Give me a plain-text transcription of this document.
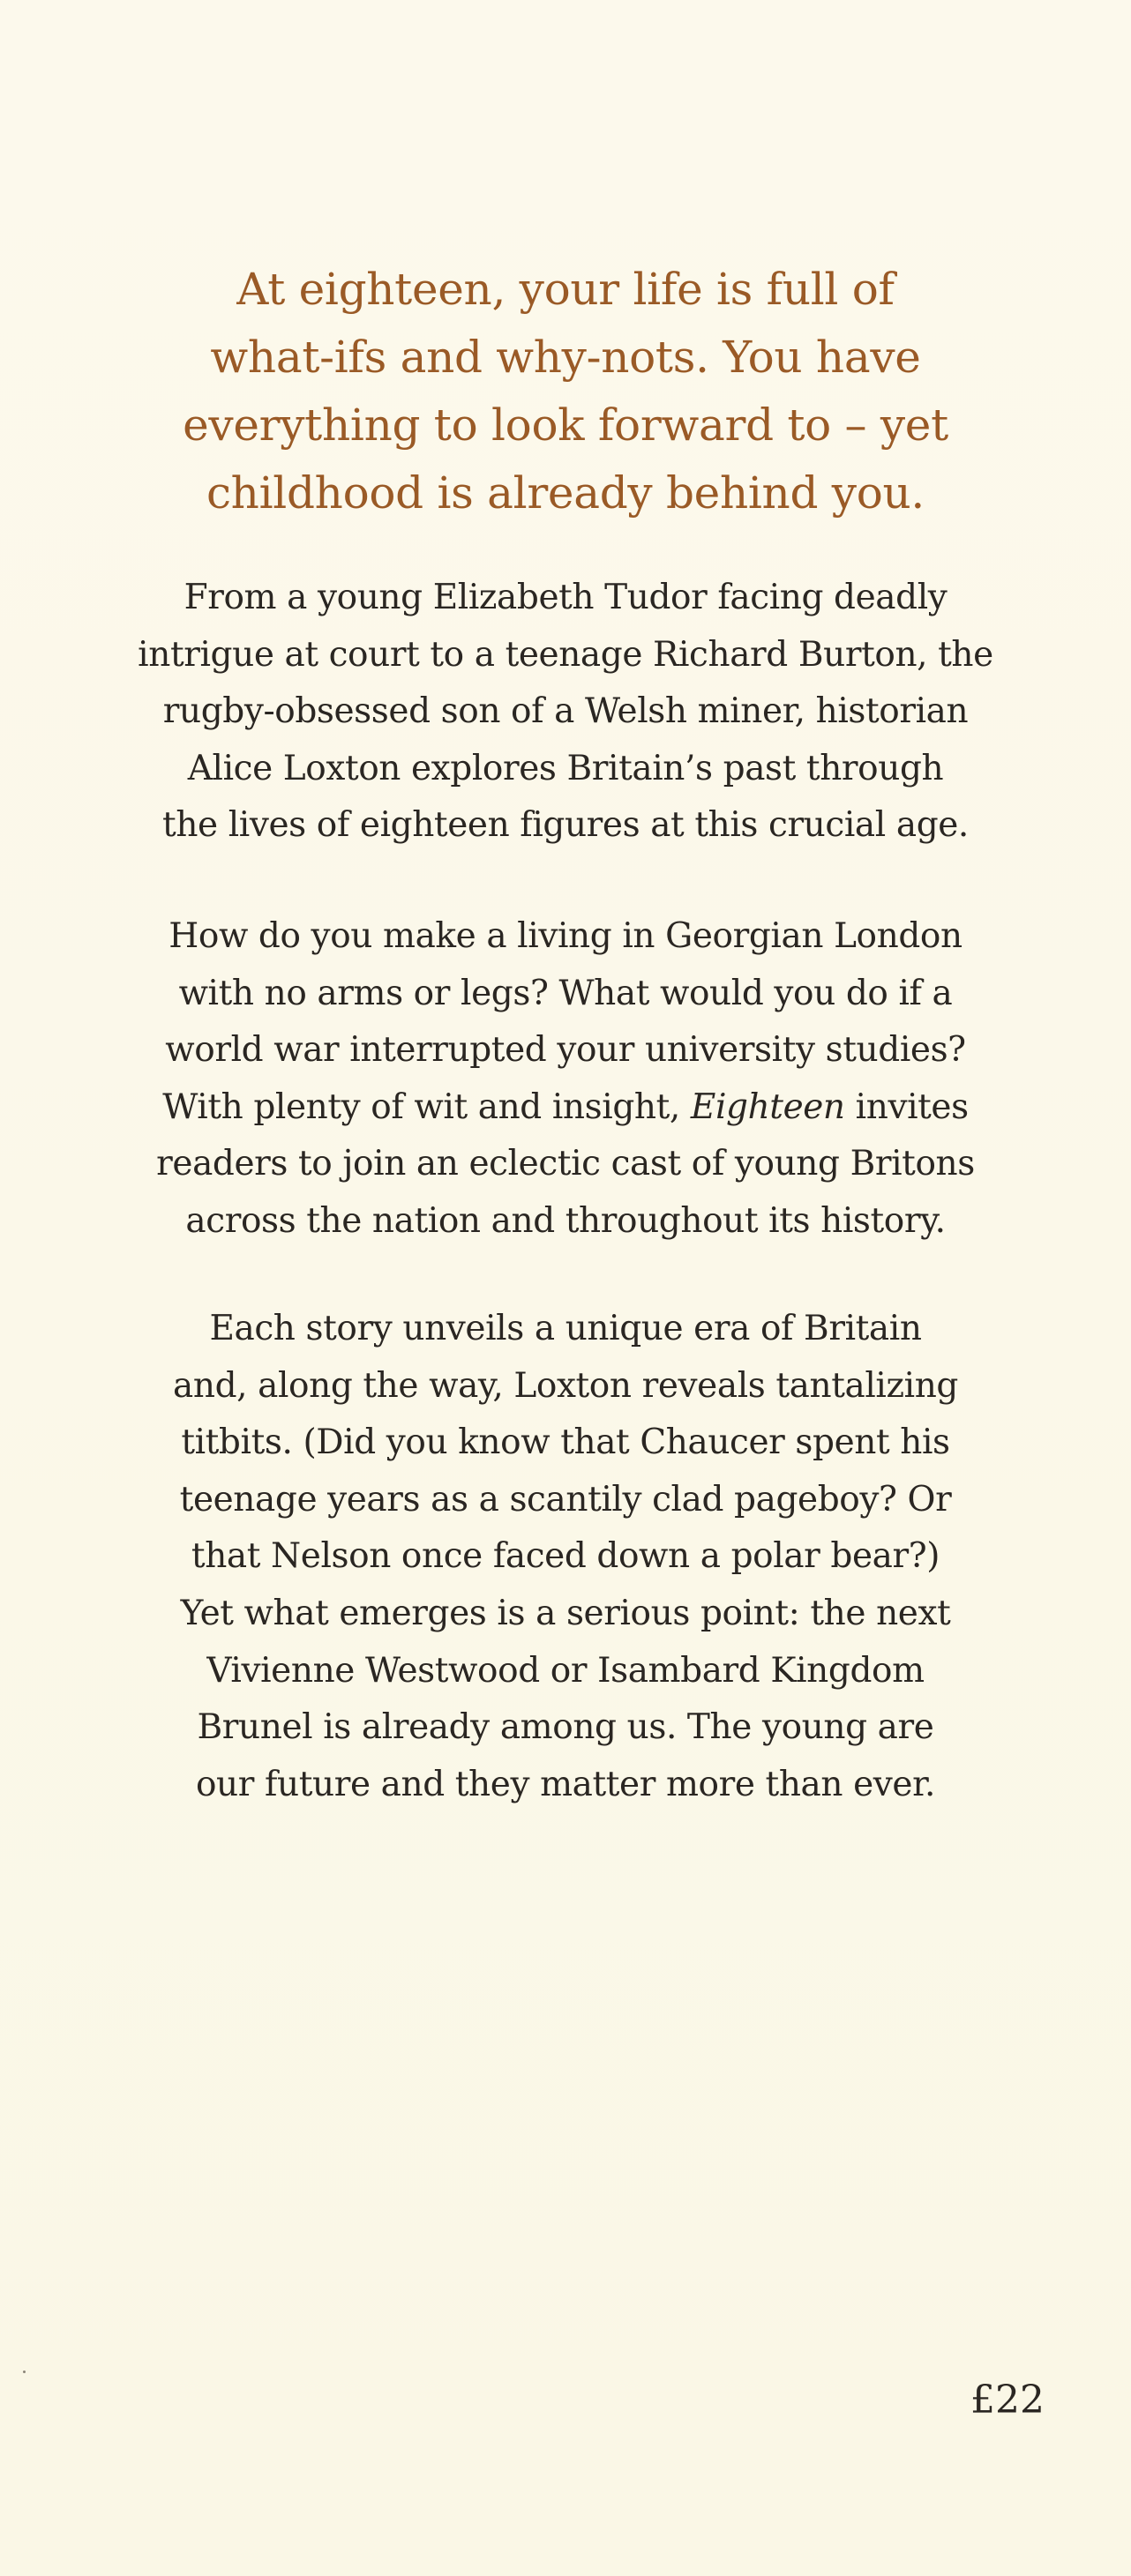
At eighteen, your life is full of
what-ifs and why-nots. You have
everything to look forward to – yet
childhood is already behind you.

From a young Elizabeth Tudor facing deadly
intrigue at court to a teenage Richard Burton, the
rugby-obsessed son of a Welsh miner, historian
Alice Loxton explores Britain’s past through
the lives of eighteen figures at this crucial age.

How do you make a living in Georgian London
with no arms or legs? What would you do if a
world war interrupted your university studies?
With plenty of wit and insight, Eighteen invites
readers to join an eclectic cast of young Britons
across the nation and throughout its history.

Each story unveils a unique era of Britain
and, along the way, Loxton reveals tantalizing
titbits. (Did you know that Chaucer spent his
teenage years as a scantily clad pageboy? Or
that Nelson once faced down a polar bear?)
Yet what emerges is a serious point: the next
Vivienne Westwood or Isambard Kingdom
Brunel is already among us. The young are
our future and they matter more than ever.

£22
